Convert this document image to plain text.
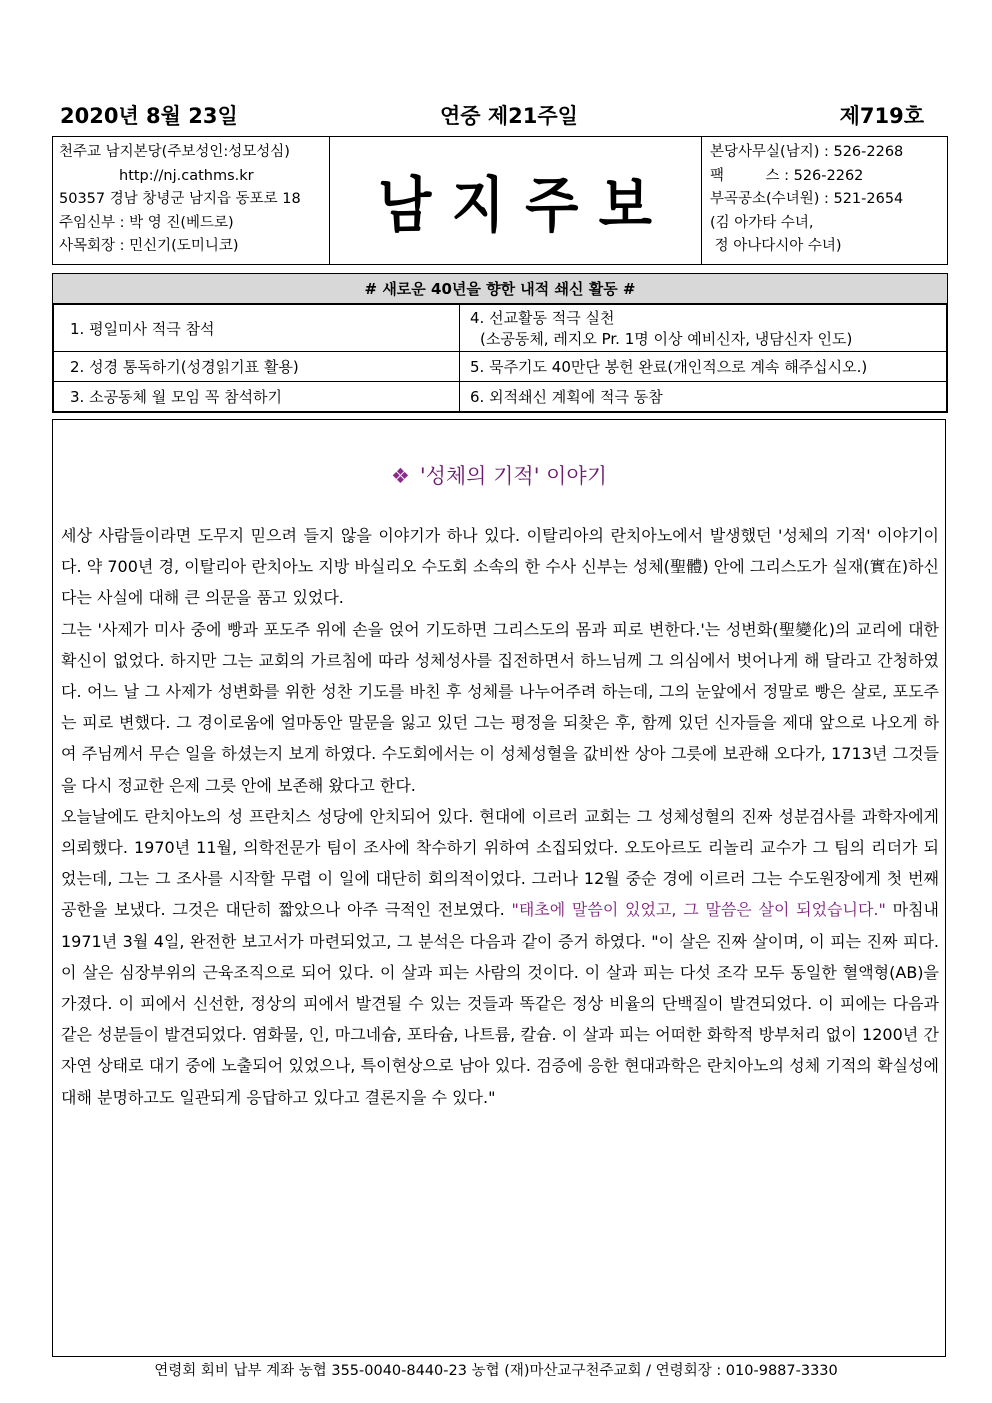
2020년 8월 23일	연중 제21주일	제719호
천주교 남지본당(주보성인:성모성심)
http://nj.cathms.kr
50357 경남 창녕군 남지읍 동포로 18
주임신부 : 박 영 진(베드로)
사목회장 : 민신기(도미니코)
남지주보
본당사무실(남지) : 526-2268
팩         스 : 526-2262
부곡공소(수녀원) : 521-2654
(김 아가타 수녀,
정 아나다시아 수녀)
# 새로운 40년을 향한 내적 쇄신 활동 #
1. 평일미사 적극 참석	4. 선교활동 적극 실천
(소공동체, 레지오 Pr. 1명 이상 예비신자, 냉담신자 인도)

2. 성경 통독하기(성경읽기표 활용)	5. 묵주기도 40만단 봉헌 완료(개인적으로 계속 해주십시오.)
3. 소공동체 월 모임 꼭 참석하기	6. 외적쇄신 계획에 적극 동참
❖ '성체의 기적' 이야기

세상 사람들이라면 도무지 믿으려 들지 않을 이야기가 하나 있다. 이탈리아의 란치아노에서 발생했던 '성체의 기적' 이야기이다. 약 700년 경, 이탈리아 란치아노 지방 바실리오 수도회 소속의 한 수사 신부는 성체(聖體) 안에 그리스도가 실재(實在)하신다는 사실에 대해 큰 의문을 품고 있었다.

그는 '사제가 미사 중에 빵과 포도주 위에 손을 얹어 기도하면 그리스도의 몸과 피로 변한다.'는 성변화(聖變化)의 교리에 대한 확신이 없었다. 하지만 그는 교회의 가르침에 따라 성체성사를 집전하면서 하느님께 그 의심에서 벗어나게 해 달라고 간청하였다. 어느 날 그 사제가 성변화를 위한 성찬 기도를 바친 후 성체를 나누어주려 하는데, 그의 눈앞에서 정말로 빵은 살로, 포도주는 피로 변했다. 그 경이로움에 얼마동안 말문을 잃고 있던 그는 평정을 되찾은 후, 함께 있던 신자들을 제대 앞으로 나오게 하여 주님께서 무슨 일을 하셨는지 보게 하였다. 수도회에서는 이 성체성혈을 값비싼 상아 그릇에 보관해 오다가, 1713년 그것들을 다시 정교한 은제 그릇 안에 보존해 왔다고 한다.

오늘날에도 란치아노의 성 프란치스 성당에 안치되어 있다. 현대에 이르러 교회는 그 성체성혈의 진짜 성분검사를 과학자에게 의뢰했다. 1970년 11월, 의학전문가 팀이 조사에 착수하기 위하여 소집되었다. 오도아르도 리놀리 교수가 그 팀의 리더가 되었는데, 그는 그 조사를 시작할 무렵 이 일에 대단히 회의적이었다. 그러나 12월 중순 경에 이르러 그는 수도원장에게 첫 번째 공한을 보냈다. 그것은 대단히 짧았으나 아주 극적인 전보였다. "태초에 말씀이 있었고, 그 말씀은 살이 되었습니다." 마침내 1971년 3월 4일, 완전한 보고서가 마련되었고, 그 분석은 다음과 같이 증거 하였다. "이 살은 진짜 살이며, 이 피는 진짜 피다. 이 살은 심장부위의 근육조직으로 되어 있다. 이 살과 피는 사람의 것이다. 이 살과 피는 다섯 조각 모두 동일한 혈액형(AB)을 가졌다. 이 피에서 신선한, 정상의 피에서 발견될 수 있는 것들과 똑같은 정상 비율의 단백질이 발견되었다. 이 피에는 다음과 같은 성분들이 발견되었다. 염화물, 인, 마그네슘, 포타슘, 나트륨, 칼슘. 이 살과 피는 어떠한 화학적 방부처리 없이 1200년 간 자연 상태로 대기 중에 노출되어 있었으나, 특이현상으로 남아 있다. 검증에 응한 현대과학은 란치아노의 성체 기적의 확실성에 대해 분명하고도 일관되게 응답하고 있다고 결론지을 수 있다."

연령회 회비 납부 계좌 농협 355-0040-8440-23 농협 (재)마산교구천주교회 / 연령회장 : 010-9887-3330
